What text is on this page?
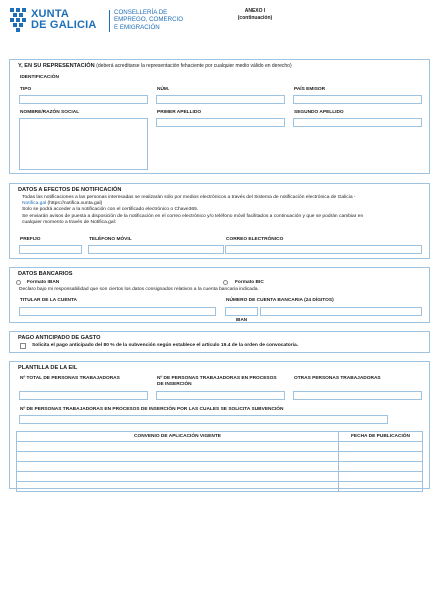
XUNTA
DE GALICIA
CONSELLERÍA DE
EMPREGO, COMERCIO
E EMIGRACIÓN
ANEXO I
(continuación)
Y, EN SU REPRESENTACIÓN (deberá acreditarse la representación fehaciente por cualquier medio válido en derecho)
IDENTIFICACIÓN
TIPO	NÚM.	PAÍS EMISOR
NOMBRE/RAZÓN SOCIAL	PRIMER APELLIDO	SEGUNDO APELLIDO
DATOS A EFECTOS DE NOTIFICACIÓN
Todas las notificaciones a las personas interesadas se realizarán sólo por medios electrónicos a través del Sistema de notificación electrónica de Galicia -
Notifica.gal (https://notifica.xunta.gal)
Solo se podrá acceder a la notificación con el certificado electrónico o Chave365.
Se enviarán avisos de puesta a disposición de la notificación en el correo electrónico y/o teléfono móvil facilitados a continuación y que se podrán cambiar en
cualquier momento a través de Notifica.gal:
PREFIJO	TELÉFONO MÓVIL	CORREO ELECTRÓNICO
DATOS BANCARIOS
Formato IBAN	Formato BIC
Declaro bajo mi responsabilidad que son ciertos los datos consignados relativos a la cuenta bancaria indicada.
TITULAR DE LA CUENTA	NÚMERO DE CUENTA BANCARIA (24 DÍGITOS)
IBAN
PAGO ANTICIPADO DE GASTO
Solicita el pago anticipado del 80 % de la subvención según establece el artículo 19.4 de la orden de convocatoria.
PLANTILLA DE LA EIL
Nº TOTAL DE PERSONAS TRABAJADORAS	Nº DE PERSONAS TRABAJADORAS EN PROCESOS
DE INSERCIÓN
OTRAS PERSONAS TRABAJADORAS
Nº DE PERSONAS TRABAJADORAS EN PROCESOS DE INSERCIÓN POR LAS CUALES SE SOLICITA SUBVENCIÓN
CONVENIO DE APLICACIÓN VIGENTE	FECHA DE PUBLICACIÓN
